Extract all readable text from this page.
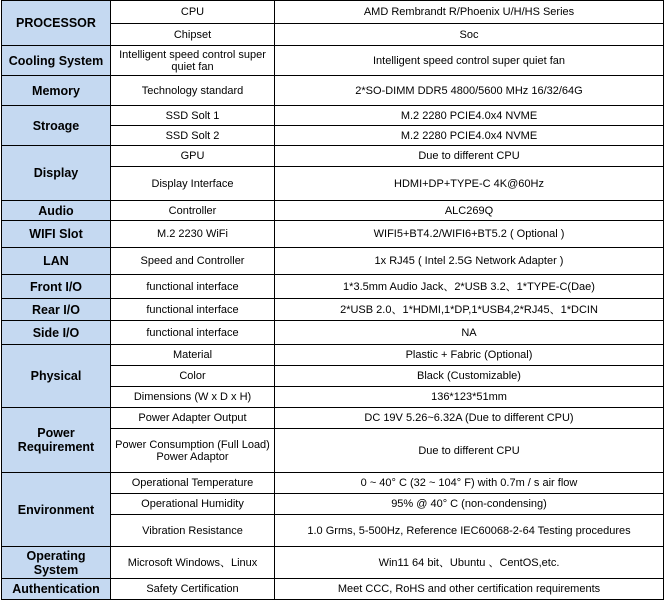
PROCESSOR	CPU	AMD Rembrandt R/Phoenix U/H/HS Series
	Chipset	Soc
Cooling System	Intelligent speed control super quiet fan	Intelligent speed control super quiet fan
Memory	Technology standard	2*SO-DIMM DDR5 4800/5600 MHz 16/32/64G
Stroage	SSD Solt 1	M.2 2280 PCIE4.0x4 NVME
	SSD Solt 2	M.2 2280 PCIE4.0x4 NVME
Display	GPU	Due to different CPU
	Display Interface	HDMI+DP+TYPE-C 4K@60Hz
Audio	Controller	ALC269Q
WIFI Slot	M.2 2230 WiFi	WIFI5+BT4.2/WIFI6+BT5.2 ( Optional )
LAN	Speed and Controller	1x RJ45 ( Intel 2.5G Network Adapter )
Front I/O	functional interface	1*3.5mm Audio Jack、2*USB 3.2、1*TYPE-C(Dae)
Rear I/O	functional interface	2*USB 2.0、1*HDMI,1*DP,1*USB4,2*RJ45、1*DCIN
Side I/O	functional interface	NA
Physical	Material	Plastic + Fabric (Optional)
	Color	Black (Customizable)
	Dimensions (W x D x H)	136*123*51mm
Power Requirement	Power Adapter Output	DC 19V 5.26~6.32A (Due to different CPU)
	Power Consumption (Full Load) Power Adaptor	Due to different CPU
Environment	Operational Temperature	0 ~ 40° C (32 ~ 104° F) with 0.7m / s air flow
	Operational Humidity	95% @ 40° C (non-condensing)
	Vibration Resistance	1.0 Grms, 5-500Hz, Reference IEC60068-2-64 Testing procedures
Operating System	Microsoft Windows、Linux	Win11 64 bit、Ubuntu 、CentOS,etc.
Authentication	Safety Certification	Meet CCC, RoHS and other certification requirements
